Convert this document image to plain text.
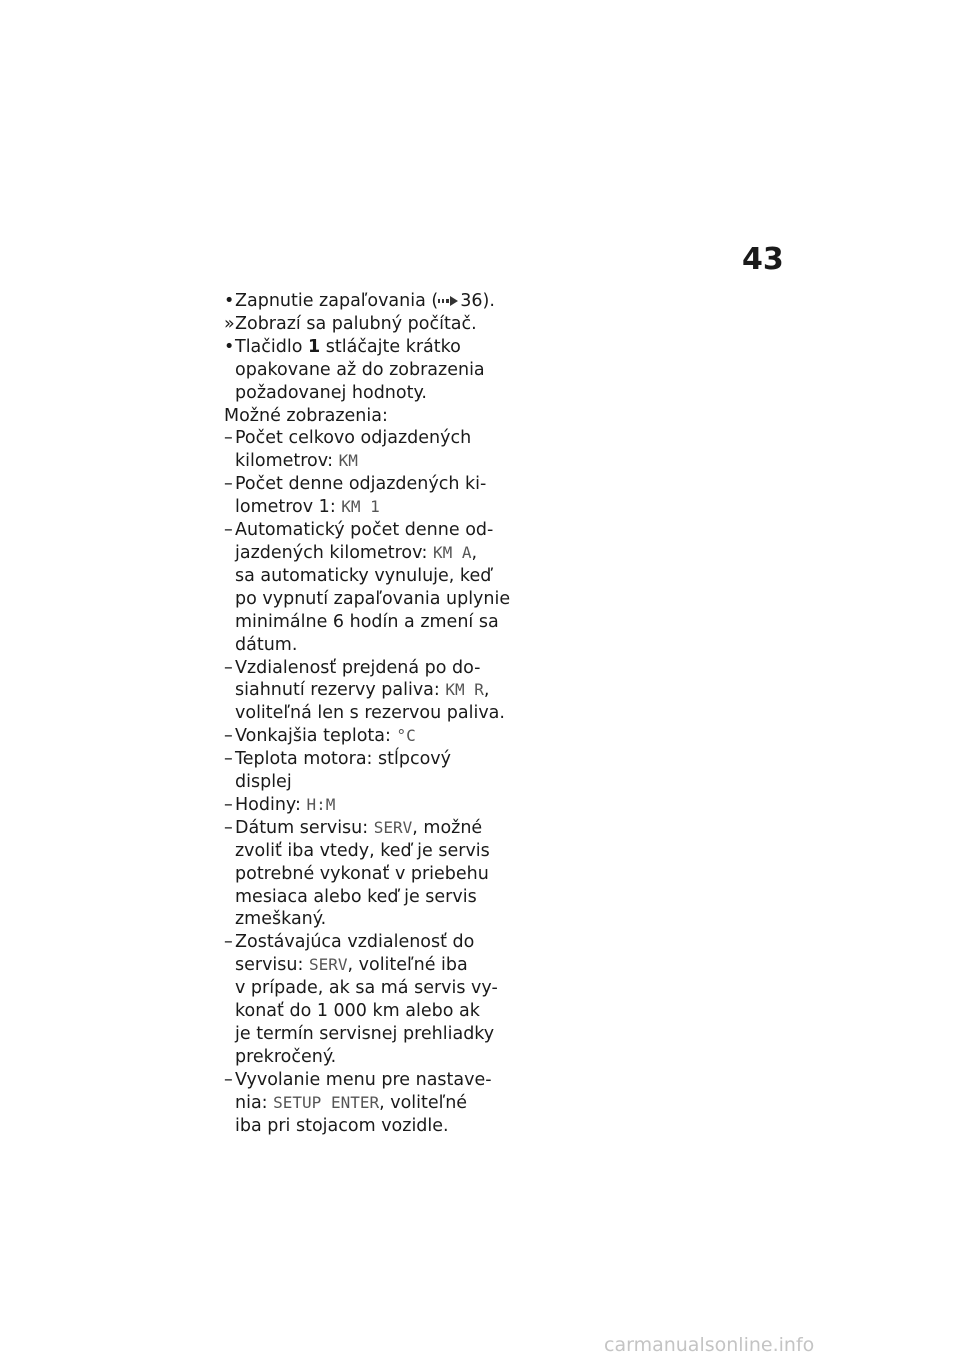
43
• Zapnutie zapaľovania ( 36).
» Zobrazí sa palubný počítač.
• Tlačidlo 1 stláčajte krátko
opakovane až do zobrazenia
požadovanej hodnoty.
Možné zobrazenia:
– Počet celkovo odjazdených
kilometrov: KM
– Počet denne odjazdených ki-
lometrov 1: KM 1
– Automatický počet denne od-
jazdených kilometrov: KM A,
sa automaticky vynuluje, keď
po vypnutí zapaľovania uplynie
minimálne 6 hodín a zmení sa
dátum.
– Vzdialenosť prejdená po do-
siahnutí rezervy paliva: KM R,
voliteľná len s rezervou paliva.
– Vonkajšia teplota: °C
– Teplota motora: stĺpcový
displej
– Hodiny: H:M
– Dátum servisu: SERV, možné
zvoliť iba vtedy, keď je servis
potrebné vykonať v priebehu
mesiaca alebo keď je servis
zmeškaný.
– Zostávajúca vzdialenosť do
servisu: SERV, voliteľné iba
v prípade, ak sa má servis vy-
konať do 1 000 km alebo ak
je termín servisnej prehliadky
prekročený.
– Vyvolanie menu pre nastave-
nia: SETUP ENTER, voliteľné
iba pri stojacom vozidle.
carmanualsonline.info
